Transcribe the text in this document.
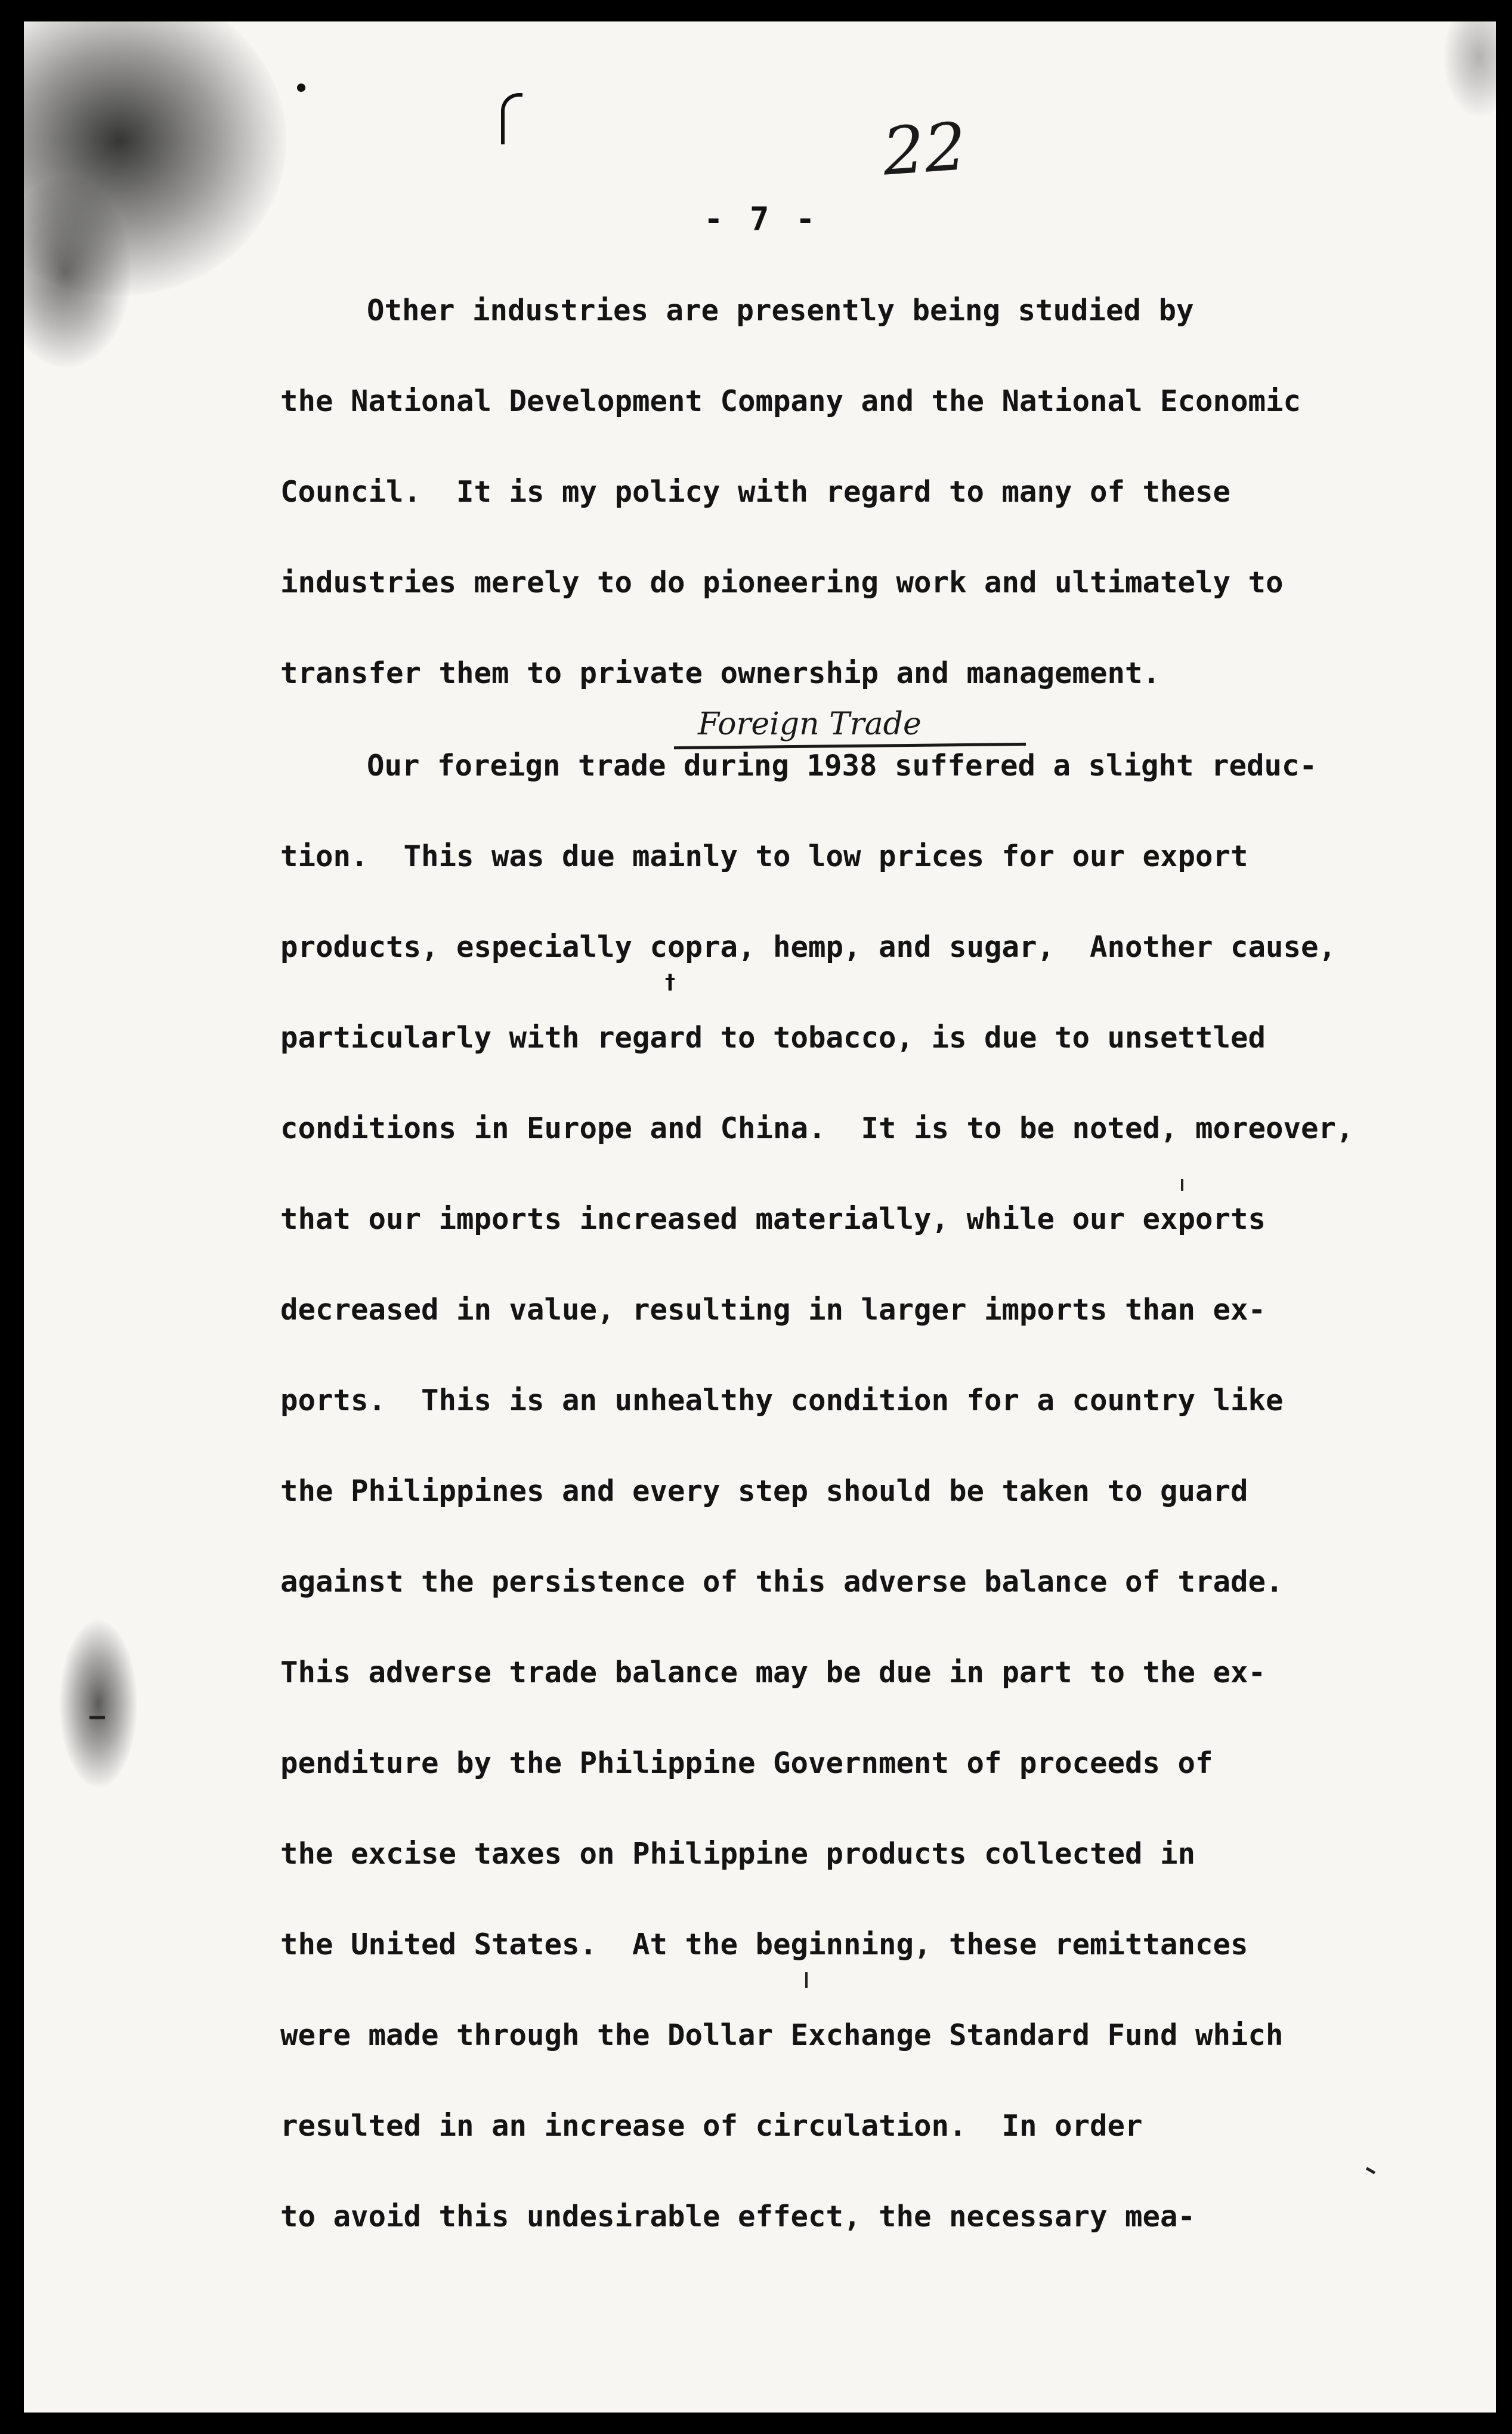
22
- 7 -
Foreign Trade
†
Other industries are presently being studied by
the National Development Company and the National Economic
Council.  It is my policy with regard to many of these
industries merely to do pioneering work and ultimately to
transfer them to private ownership and management.
Our foreign trade during 1938 suffered a slight reduc-
tion.  This was due mainly to low prices for our export
products, especially copra, hemp, and sugar,  Another cause,
particularly with regard to tobacco, is due to unsettled
conditions in Europe and China.  It is to be noted, moreover,
that our imports increased materially, while our exports
decreased in value, resulting in larger imports than ex-
ports.  This is an unhealthy condition for a country like
the Philippines and every step should be taken to guard
against the persistence of this adverse balance of trade.
This adverse trade balance may be due in part to the ex-
penditure by the Philippine Government of proceeds of
the excise taxes on Philippine products collected in
the United States.  At the beginning, these remittances
were made through the Dollar Exchange Standard Fund which
resulted in an increase of circulation.  In order
to avoid this undesirable effect, the necessary mea-
